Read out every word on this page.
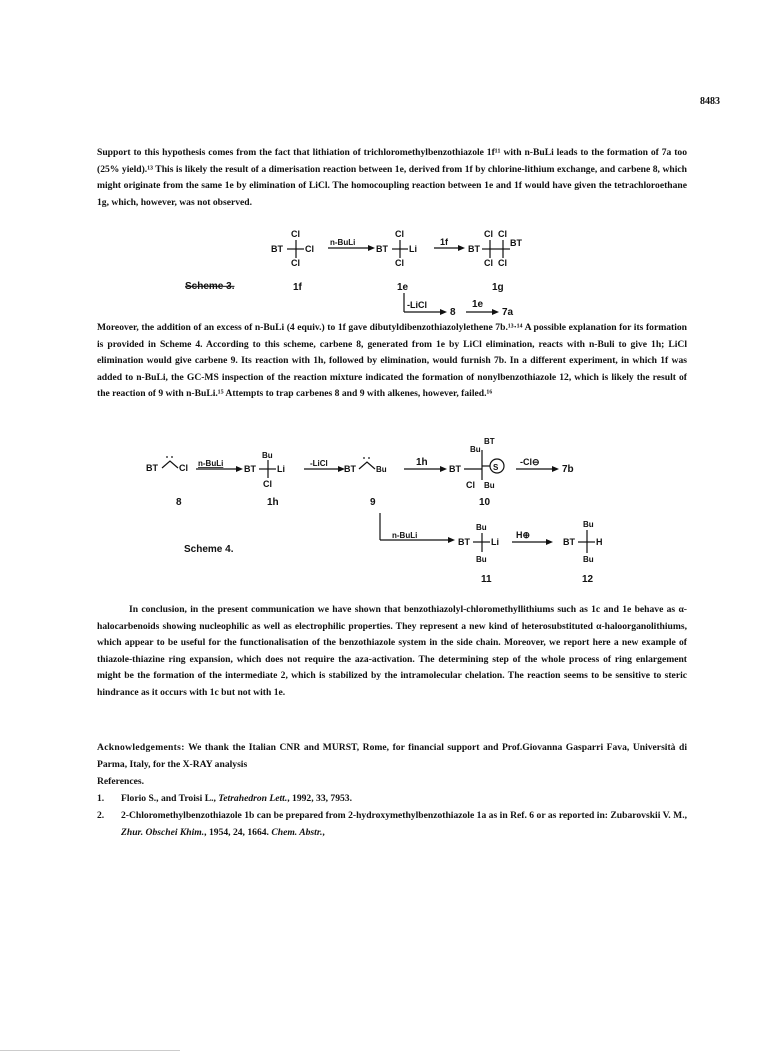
8483

Support to this hypothesis comes from the fact that lithiation of trichloromethylbenzothiazole 1f¹¹ with n-BuLi leads to the formation of 7a too (25% yield).¹³ This is likely the result of a dimerisation reaction between 1e, derived from 1f by chlorine-lithium exchange, and carbene 8, which might originate from the same 1e by elimination of LiCl. The homocoupling reaction between 1e and 1f would have given the tetrachloroethane 1g, which, however, was not observed.

Cl
BT Cl
Cl
1f
n-BuLi
Cl
BT Li
Cl
1e
1f
Cl Cl
BT
BT
Cl Cl
1g
Scheme 3.
-LiCl
8
1e
7a

Moreover, the addition of an excess of n-BuLi (4 equiv.) to 1f gave dibutyldibenzothiazolylethene 7b.¹³·¹⁴ A possible explanation for its formation is provided in Scheme 4. According to this scheme, carbene 8, generated from 1e by LiCl elimination, reacts with n-Buli to give 1h; LiCl elimination would give carbene 9. Its reaction with 1h, followed by elimination, would furnish 7b. In a different experiment, in which 1f was added to n-BuLi, the GC-MS inspection of the reaction mixture indicated the formation of nonylbenzothiazole 12, which is likely the result of the reaction of 9 with n-BuLi.¹⁵ Attempts to trap carbenes 8 and 9 with alkenes, however, failed.¹⁶

BT Cl
8
n-BuLi
Bu
BT Li
Cl
1h
-LiCl
BT	Bu
9
1h
Bu
BT
BT	S
Cl Bu
10
-Cl⊖
7b
Scheme 4.
n-BuLi
Bu
BT Li
Bu
11
H⊕
Bu
BT H
Bu
12

In conclusion, in the present communication we have shown that benzothiazolyl-chloromethyllithiums such as 1c and 1e behave as α-halocarbenoids showing nucleophilic as well as electrophilic properties. They represent a new kind of heterosubstituted α-haloorganolithiums, which appear to be useful for the functionalisation of the benzothiazole system in the side chain. Moreover, we report here a new example of thiazole-thiazine ring expansion, which does not require the aza-activation. The determining step of the whole process of ring enlargement might be the formation of the intermediate 2, which is stabilized by the intramolecular chelation. The reaction seems to be sensitive to steric hindrance as it occurs with 1c but not with 1e.

Acknowledgements: We thank the Italian CNR and MURST, Rome, for financial support and Prof.Giovanna Gasparri Fava, Università di Parma, Italy, for the X-RAY analysis

References.

1.	Florio S., and Troisi L., Tetrahedron Lett., 1992, 33, 7953.
2.	2-Chloromethylbenzothiazole 1b can be prepared from 2-hydroxymethylbenzothiazole 1a as in Ref. 6 or as reported in: Zubarovskii V. M., Zhur. Obschei Khim., 1954, 24, 1664. Chem. Abstr.,
